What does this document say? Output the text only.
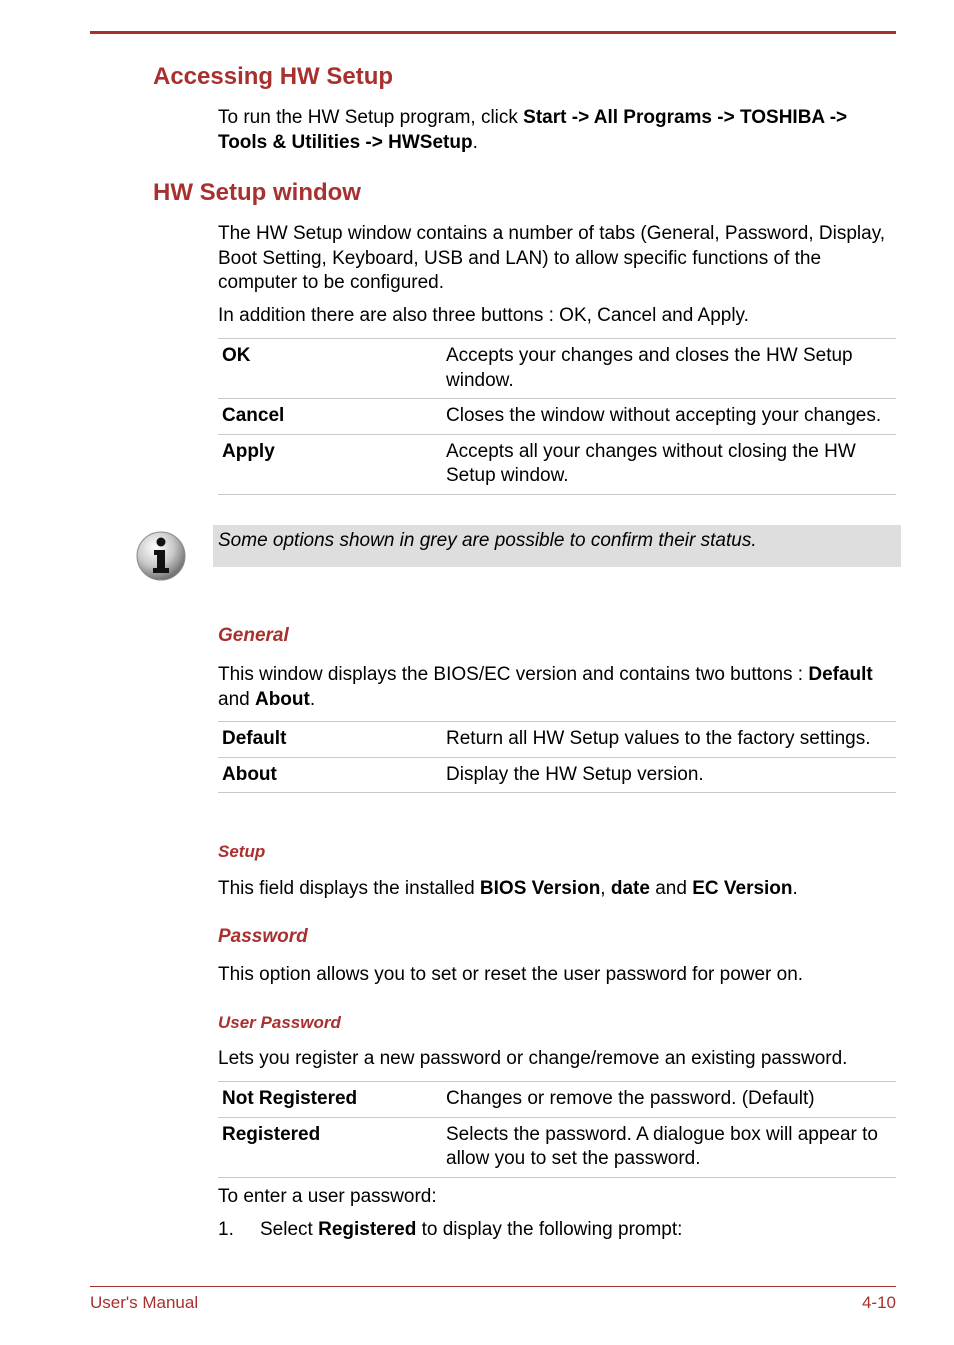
Accessing HW Setup

To run the HW Setup program, click Start -> All Programs -> TOSHIBA -> Tools & Utilities -> HWSetup.

HW Setup window

The HW Setup window contains a number of tabs (General, Password, Display, Boot Setting, Keyboard, USB and LAN) to allow specific functions of the computer to be configured.

In addition there are also three buttons : OK, Cancel and Apply.

OK	Accepts your changes and closes the HW Setup window.
Cancel	Closes the window without accepting your changes.
Apply	Accepts all your changes without closing the HW Setup window.
Some options shown in grey are possible to confirm their status.
General

This window displays the BIOS/EC version and contains two buttons : Default and About.

Default	Return all HW Setup values to the factory settings.
About	Display the HW Setup version.
Setup

This field displays the installed BIOS Version, date and EC Version.

Password

This option allows you to set or reset the user password for power on.

User Password

Lets you register a new password or change/remove an existing password.

Not Registered	Changes or remove the password. (Default)
Registered	Selects the password. A dialogue box will appear to allow you to set the password.

To enter a user password:

1. Select Registered to display the following prompt:
User's Manual	4-10
